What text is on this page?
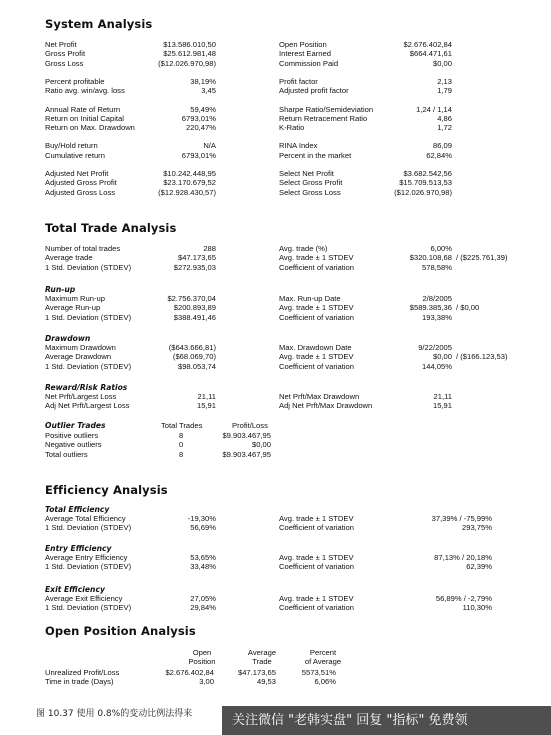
System Analysis
Net Profit	$13.586.010,50	Open Position	$2.676.402,84
Gross Profit	$25.612.981,48	Interest Earned	$664.471,61
Gross Loss	($12.026.970,98)	Commission Paid	$0,00
Percent profitable	38,19%	Profit factor	2,13
Ratio avg. win/avg. loss	3,45	Adjusted profit factor	1,79
Annual Rate of Return	59,49%	Sharpe Ratio/Semideviation	1,24 / 1,14
Return on Initial Capital	6793,01%	Return Retracement Ratio	4,86
Return on Max. Drawdown	220,47%	K-Ratio	1,72
Buy/Hold return	N/A	RINA Index	86,09
Cumulative return	6793,01%	Percent in the market	62,84%
Adjusted Net Profit	$10.242.448,95	Select Net Profit	$3.682.542,56
Adjusted Gross Profit	$23.170.679,52	Select Gross Profit	$15.709.513,53
Adjusted Gross Loss	($12.928.430,57)	Select Gross Loss	($12.026.970,98)
Total Trade Analysis
Number of total trades	288	Avg. trade (%)	6,00%
Average trade	$47.173,65	Avg. trade ± 1 STDEV	$320.108,68 / ($225.761,39)
1 Std. Deviation (STDEV)	$272.935,03	Coefficient of variation	578,58%
Run-up
Maximum Run-up	$2.756.370,04	Max. Run-up Date	2/8/2005
Average Run-up	$200.893,89	Avg. trade ± 1 STDEV	$589.385,36 / $0,00
1 Std. Deviation (STDEV)	$388.491,46	Coefficient of variation	193,38%
Drawdown
Maximum Drawdown	($643.666,81)	Max. Drawdown Date	9/22/2005
Average Drawdown	($68.069,70)	Avg. trade ± 1 STDEV	$0,00 / ($166.123,53)
1 Std. Deviation (STDEV)	$98.053,74	Coefficient of variation	144,05%
Reward/Risk Ratios
Net Prft/Largest Loss	21,11	Net Prft/Max Drawdown	21,11
Adj Net Prft/Largest Loss	15,91	Adj Net Prft/Max Drawdown	15,91
Outlier Trades	Total Trades	Profit/Loss
Positive outliers	8	$9.903.467,95
Negative outliers	0	$0,00
Total outliers	8	$9.903.467,95
Efficiency Analysis
Total Efficiency
Average Total Efficiency	-19,30%	Avg. trade ± 1 STDEV	37,39% / -75,99%
1 Std. Deviation (STDEV)	56,69%	Coefficient of variation	293,75%
Entry Efficiency
Average Entry Efficiency	53,65%	Avg. trade ± 1 STDEV	87,13% / 20,18%
1 Std. Deviation (STDEV)	33,48%	Coefficient of variation	62,39%
Exit Efficiency
Average Exit Efficiency	27,05%	Avg. trade ± 1 STDEV	56,89% / -2,79%
1 Std. Deviation (STDEV)	29,84%	Coefficient of variation	110,30%
Open Position Analysis
Open	Average	Percent
Position	Trade	of Average
Unrealized Profit/Loss	$2.676.402,84	$47.173,65	5573,51%
Time in trade (Days)	3,00	49,53	6,06%
图 10.37 使用 0.8%的变动比例法得来	关注微信 "老韩实盘" 回复 "指标" 免费领
